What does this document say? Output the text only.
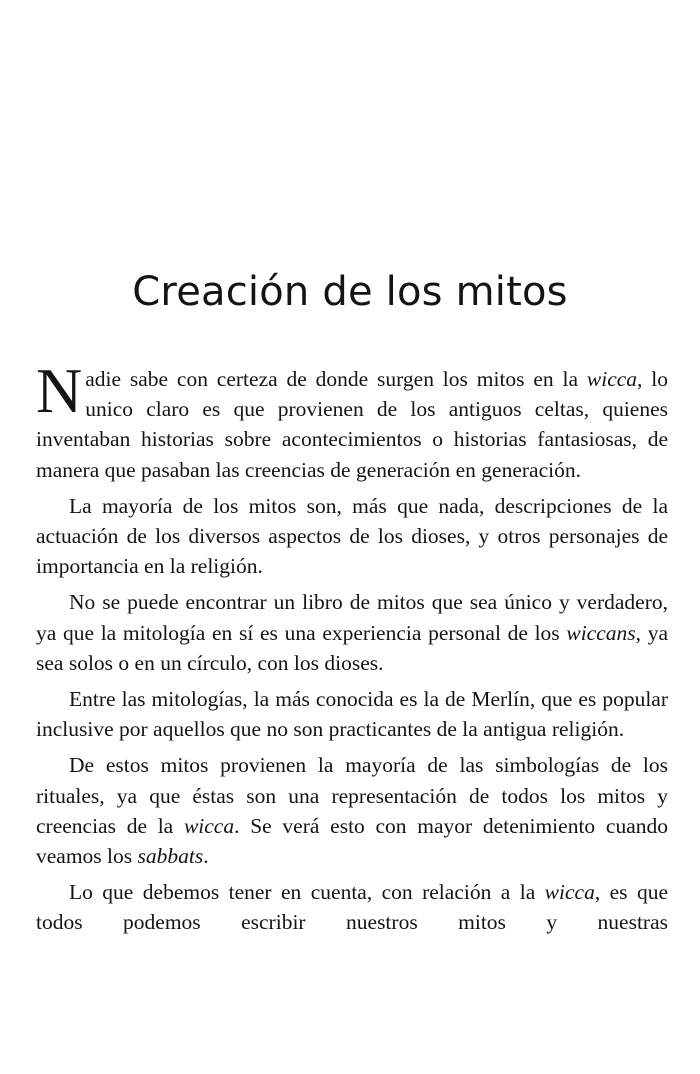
Creación de los mitos

Nadie sabe con certeza de donde surgen los mitos en la wicca, lo unico claro es que provienen de los antiguos celtas, quienes inventaban historias sobre acontecimientos o historias fantasiosas, de manera que pasaban las creencias de generación en generación.

La mayoría de los mitos son, más que nada, descripciones de la actuación de los diversos aspectos de los dioses, y otros personajes de importancia en la religión.

No se puede encontrar un libro de mitos que sea único y verdadero, ya que la mitología en sí es una experiencia personal de los wiccans, ya sea solos o en un círculo, con los dioses.

Entre las mitologías, la más conocida es la de Merlín, que es popular inclusive por aquellos que no son practicantes de la antigua religión.

De estos mitos provienen la mayoría de las simbologías de los rituales, ya que éstas son una representación de todos los mitos y creencias de la wicca. Se verá esto con mayor detenimiento cuando veamos los sabbats.

Lo que debemos tener en cuenta, con relación a la wicca, es que todos podemos escribir nuestros mitos y nuestras
